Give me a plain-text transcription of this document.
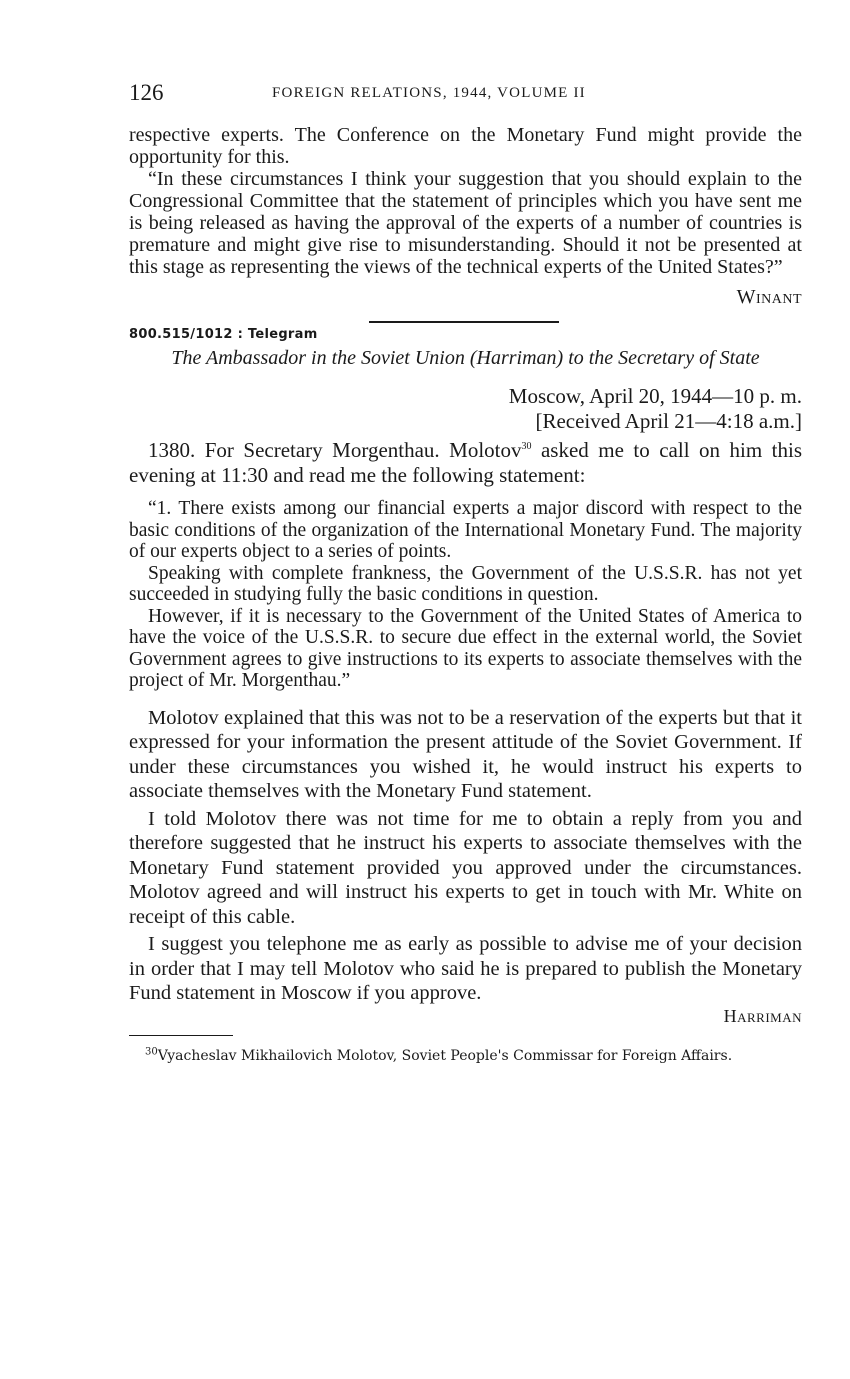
126	FOREIGN RELATIONS, 1944, VOLUME II

respective experts. The Conference on the Monetary Fund might provide the opportunity for this.

“In these circumstances I think your suggestion that you should explain to the Congressional Committee that the statement of principles which you have sent me is being released as having the approval of the experts of a number of countries is premature and might give rise to misunderstanding. Should it not be presented at this stage as representing the views of the technical experts of the United States?”

Winant
800.515/1012 : Telegram
The Ambassador in the Soviet Union (Harriman) to the Secretary of State
Moscow, April 20, 1944—10 p. m.
[Received April 21—4:18 a.m.]

1380. For Secretary Morgenthau. Molotov$^{30}$ asked me to call on him this evening at 11:30 and read me the following statement:

“1. There exists among our financial experts a major discord with respect to the basic conditions of the organization of the International Monetary Fund. The majority of our experts object to a series of points.

Speaking with complete frankness, the Government of the U.S.S.R. has not yet succeeded in studying fully the basic conditions in question.

However, if it is necessary to the Government of the United States of America to have the voice of the U.S.S.R. to secure due effect in the external world, the Soviet Government agrees to give instructions to its experts to associate themselves with the project of Mr. Morgenthau.”

Molotov explained that this was not to be a reservation of the experts but that it expressed for your information the present attitude of the Soviet Government. If under these circumstances you wished it, he would instruct his experts to associate themselves with the Monetary Fund statement.

I told Molotov there was not time for me to obtain a reply from you and therefore suggested that he instruct his experts to associate themselves with the Monetary Fund statement provided you approved under the circumstances. Molotov agreed and will instruct his experts to get in touch with Mr. White on receipt of this cable.

I suggest you telephone me as early as possible to advise me of your decision in order that I may tell Molotov who said he is prepared to publish the Monetary Fund statement in Moscow if you approve.

Harriman

$^{30}$Vyacheslav Mikhailovich Molotov, Soviet People's Commissar for Foreign Affairs.
